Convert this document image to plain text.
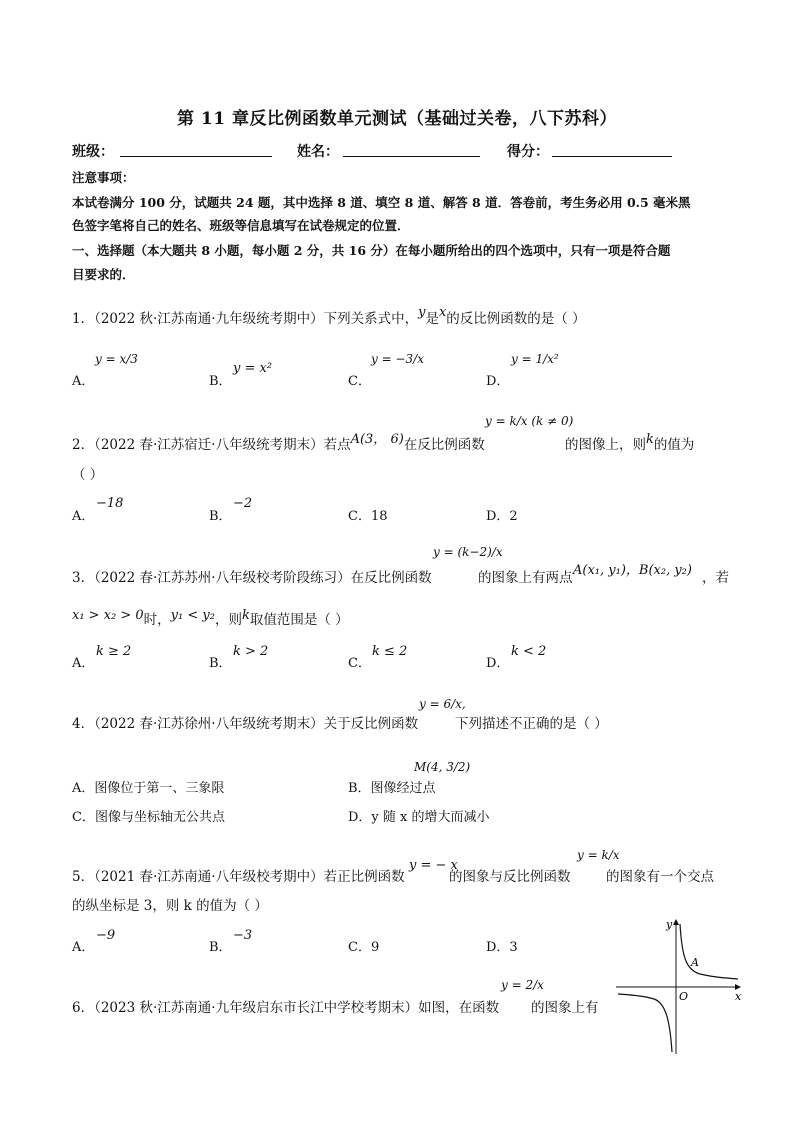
第 11 章反比例函数单元测试（基础过关卷，八下苏科）
班级：	姓名：	得分：
注意事项：
本试卷满分 100 分，试题共 24 题，其中选择 8 道、填空 8 道、解答 8 道．答卷前，考生务必用 0.5 毫米黑
色签字笔将自己的姓名、班级等信息填写在试卷规定的位置．
一、选择题（本大题共 8 小题，每小题 2 分，共 16 分）在每小题所给出的四个选项中，只有一项是符合题
目要求的．
1．（2022 秋·江苏南通·九年级统考期中）下列关系式中，y是x的反比例函数的是（ ）
A．
y = x/3
B．
y = x²
C．
y = −3/x
D．
y = 1/x²
y = k/x (k ≠ 0)
2．（2022 春·江苏宿迁·八年级统考期末）若点A(3， 6)在反比例函数	的图像上，则k的值为
（ ）
A．
−18
B．
−2
C．18	D．2
y = (k−2)/x
3．（2022 春·江苏苏州·八年级校考阶段练习）在反比例函数	的图象上有两点 A(x₁, y₁)，B(x₂, y₂) ，若
x₁ > x₂ > 0时，y₁ < y₂，则k取值范围是（ ）
A．
k ≥ 2
B．
k > 2
C．
k ≤ 2
D．
k < 2
y = 6/x,
4．（2022 春·江苏徐州·八年级统考期末）关于反比例函数	下列描述不正确的是（ ）
M(4, 3/2)
A．图像位于第一、三象限	B．图像经过点
C．图像与坐标轴无公共点	D．y 随 x 的增大而减小
y = k/x
5．（2021 春·江苏南通·八年级校考期中）若正比例函数
y = − x
的图象与反比例函数	的图象有一个交点
的纵坐标是 3，则 k 的值为（ ）
A．
−9
B．
−3
C．9	D．3
y = 2/x
6．（2023 秋·江苏南通·九年级启东市长江中学校考期末）如图，在函数 的图象上有
y
x
O
A
